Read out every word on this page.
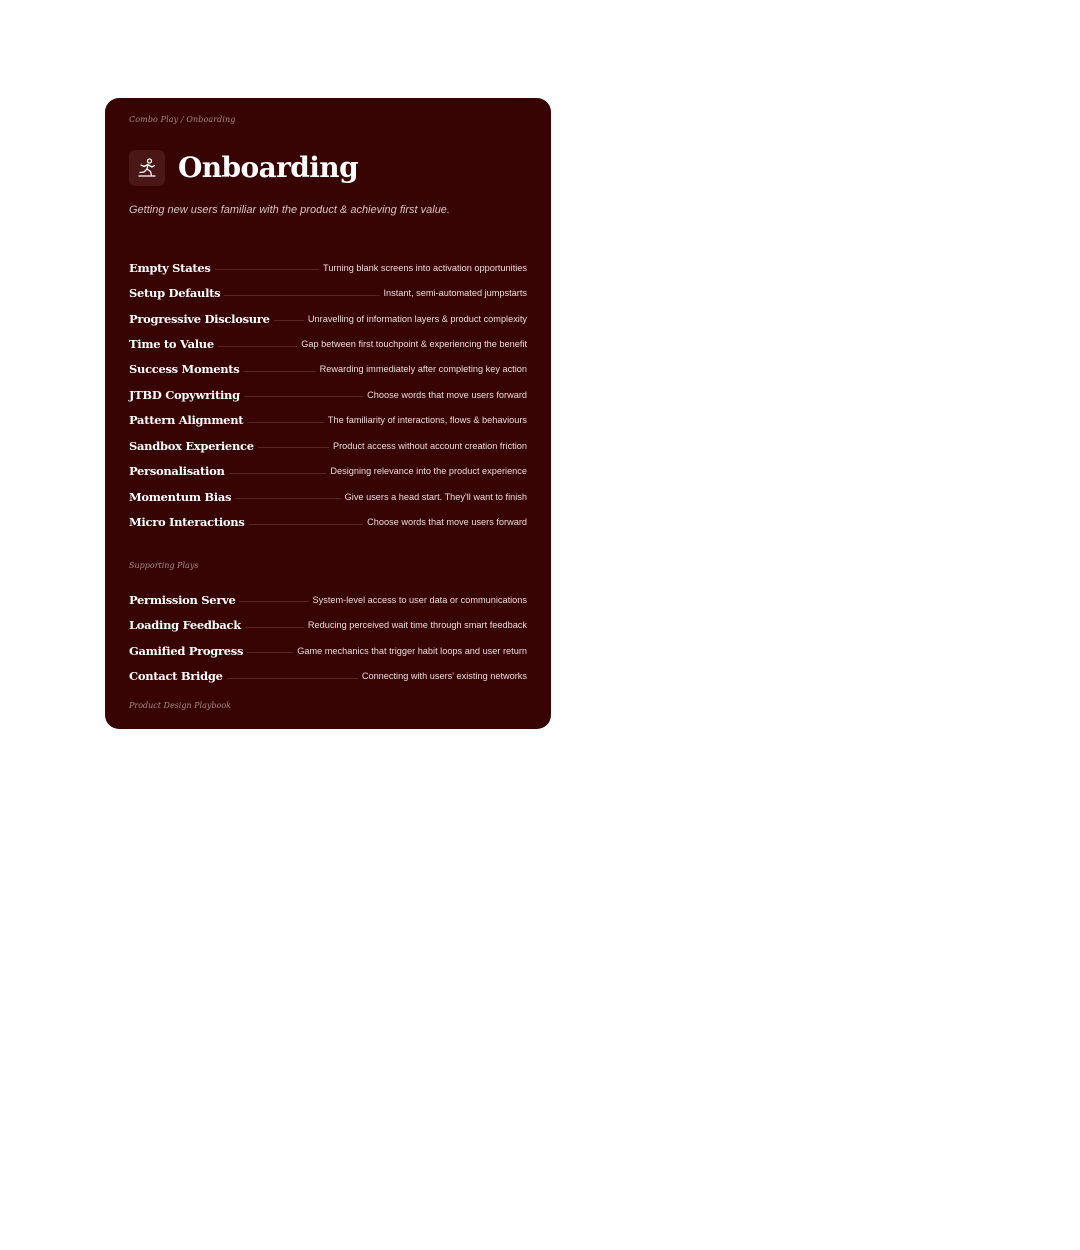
Combo Play / Onboarding
Onboarding
Getting new users familiar with the product & achieving first value.
Empty States	Turning blank screens into activation opportunities
Setup Defaults	Instant, semi-automated jumpstarts
Progressive Disclosure	Unravelling of information layers & product complexity
Time to Value	Gap between first touchpoint & experiencing the benefit
Success Moments	Rewarding immediately after completing key action
JTBD Copywriting	Choose words that move users forward
Pattern Alignment	The familiarity of interactions, flows & behaviours
Sandbox Experience	Product access without account creation friction
Personalisation	Designing relevance into the product experience
Momentum Bias	Give users a head start. They'll want to finish
Micro Interactions	Choose words that move users forward
Supporting Plays
Permission Serve	System-level access to user data or communications
Loading Feedback	Reducing perceived wait time through smart feedback
Gamified Progress	Game mechanics that trigger habit loops and user return
Contact Bridge	Connecting with users' existing networks
Product Design Playbook
